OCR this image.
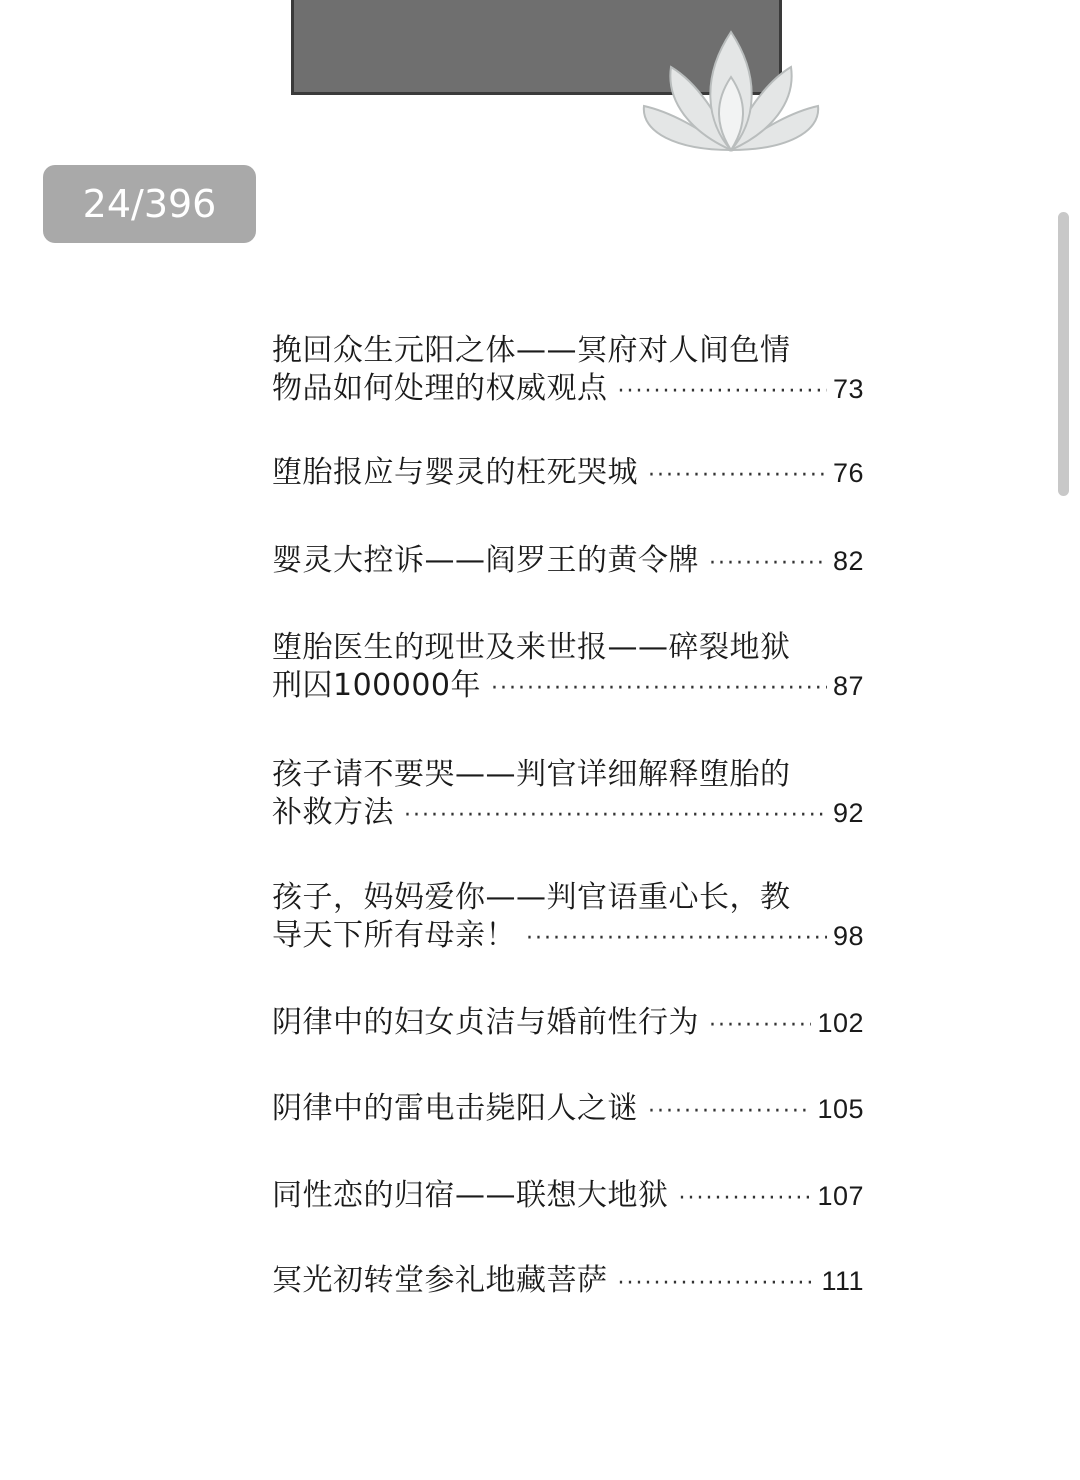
24/396
挽回众生元阳之体——冥府对人间色情
物品如何处理的权威观点 ·····	73
堕胎报应与婴灵的枉死哭城 ·····	76
婴灵大控诉——阎罗王的黄令牌 ·····	82
堕胎医生的现世及来世报——碎裂地狱
刑囚100000年 ·····	87
孩子请不要哭——判官详细解释堕胎的
补救方法 ·····	92
孩子，妈妈爱你——判官语重心长，教
导天下所有母亲！ ·····	98
阴律中的妇女贞洁与婚前性行为 ·····	102
阴律中的雷电击毙阳人之谜 ·····	105
同性恋的归宿——联想大地狱 ·····	107
冥光初转堂参礼地藏菩萨 ·····	111
